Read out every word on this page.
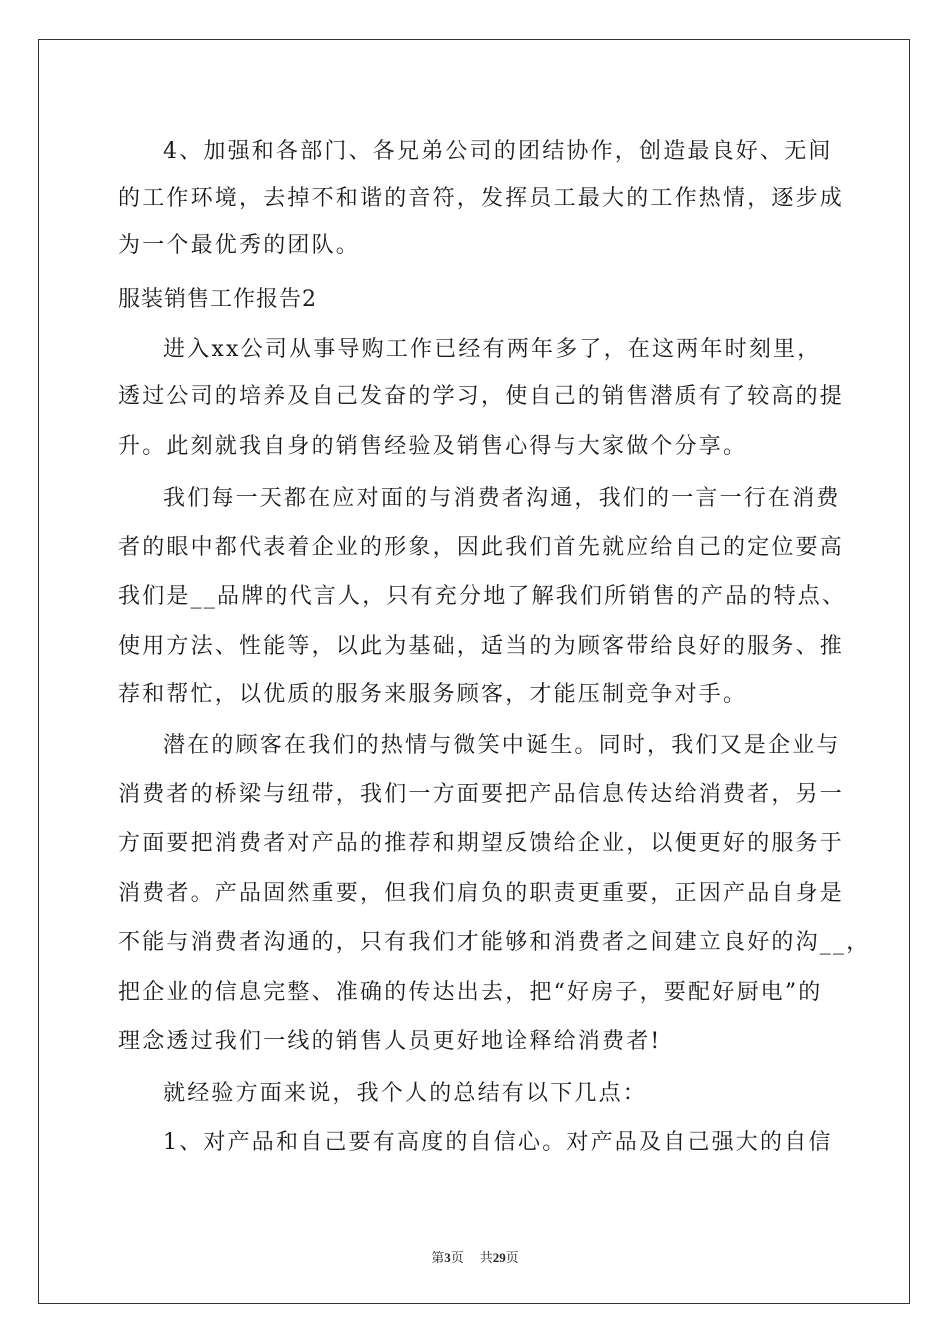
4、加强和各部门、各兄弟公司的团结协作，创造最良好、无间
的工作环境，去掉不和谐的音符，发挥员工最大的工作热情，逐步成
为一个最优秀的团队。
服装销售工作报告2
进入xx公司从事导购工作已经有两年多了，在这两年时刻里，
透过公司的培养及自己发奋的学习，使自己的销售潜质有了较高的提
升。此刻就我自身的销售经验及销售心得与大家做个分享。
我们每一天都在应对面的与消费者沟通，我们的一言一行在消费
者的眼中都代表着企业的形象，因此我们首先就应给自己的定位要高
我们是__品牌的代言人，只有充分地了解我们所销售的产品的特点、
使用方法、性能等，以此为基础，适当的为顾客带给良好的服务、推
荐和帮忙，以优质的服务来服务顾客，才能压制竞争对手。
潜在的顾客在我们的热情与微笑中诞生。同时，我们又是企业与
消费者的桥梁与纽带，我们一方面要把产品信息传达给消费者，另一
方面要把消费者对产品的推荐和期望反馈给企业，以便更好的服务于
消费者。产品固然重要，但我们肩负的职责更重要，正因产品自身是
不能与消费者沟通的，只有我们才能够和消费者之间建立良好的沟__，
把企业的信息完整、准确的传达出去，把“好房子，要配好厨电”的
理念透过我们一线的销售人员更好地诠释给消费者!
就经验方面来说，我个人的总结有以下几点：
1、对产品和自己要有高度的自信心。对产品及自己强大的自信
第3页 共29页
